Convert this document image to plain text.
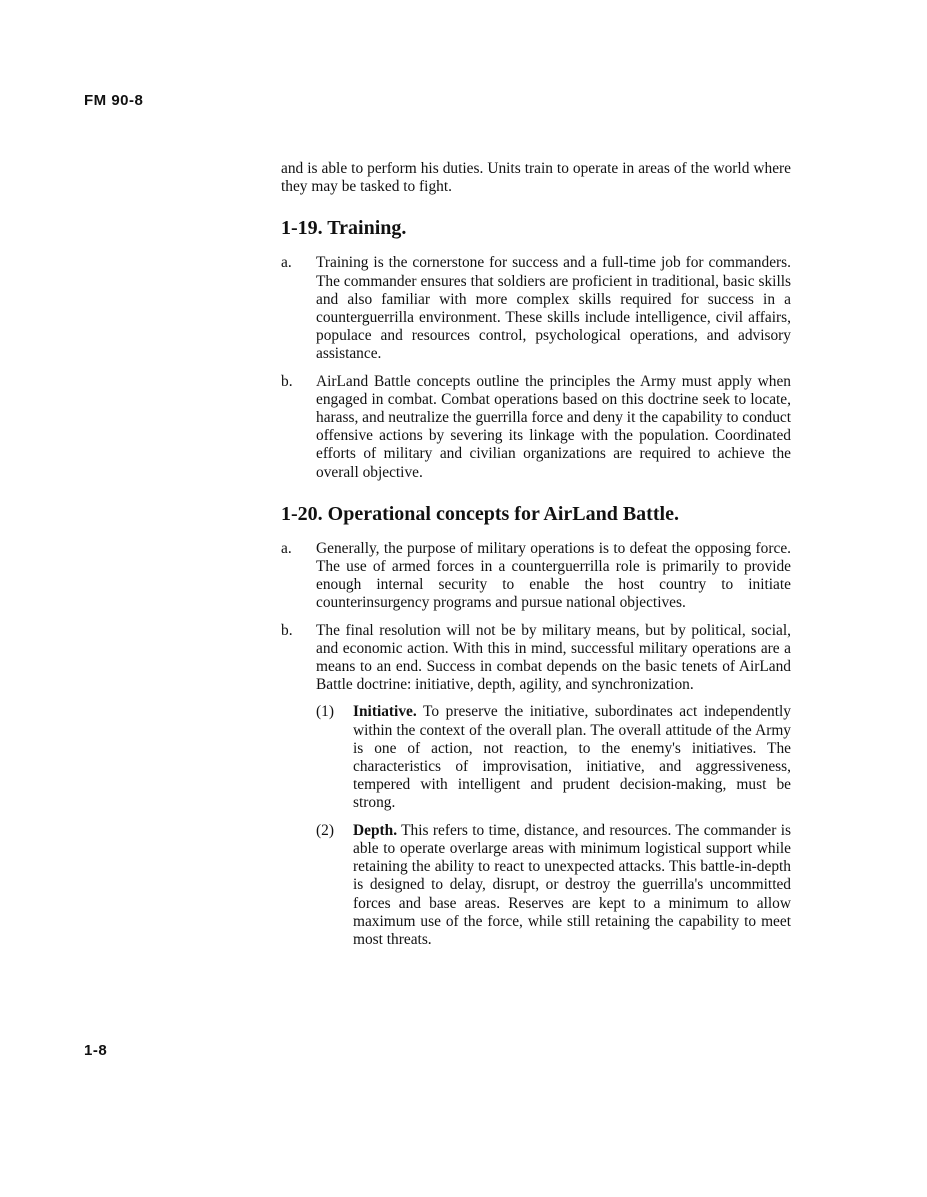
FM 90-8

and is able to perform his duties. Units train to operate in areas of the world where they may be tasked to fight.

1-19. Training.
a.	Training is the cornerstone for success and a full-time job for commanders. The commander ensures that soldiers are proficient in traditional, basic skills and also familiar with more complex skills required for success in a counterguerrilla environment. These skills include intelligence, civil affairs, populace and resources control, psychological operations, and advisory assistance.
b.	AirLand Battle concepts outline the principles the Army must apply when engaged in combat. Combat operations based on this doctrine seek to locate, harass, and neutralize the guerrilla force and deny it the capability to conduct offensive actions by severing its linkage with the population. Coordinated efforts of military and civilian organizations are required to achieve the overall objective.
1-20. Operational concepts for AirLand Battle.
a.	Generally, the purpose of military operations is to defeat the opposing force. The use of armed forces in a counterguerrilla role is primarily to provide enough internal security to enable the host country to initiate counterinsurgency programs and pursue national objectives.
b.	The final resolution will not be by military means, but by political, social, and economic action. With this in mind, successful military operations are a means to an end. Success in combat depends on the basic tenets of AirLand Battle doctrine: initiative, depth, agility, and synchronization.
(1)	Initiative. To preserve the initiative, subordinates act independently within the context of the overall plan. The overall attitude of the Army is one of action, not reaction, to the enemy's initiatives. The characteristics of improvisation, initiative, and aggressiveness, tempered with intelligent and prudent decision-making, must be strong.
(2)	Depth. This refers to time, distance, and resources. The commander is able to operate overlarge areas with minimum logistical support while retaining the ability to react to unexpected attacks. This battle-in-depth is designed to delay, disrupt, or destroy the guerrilla's uncommitted forces and base areas. Reserves are kept to a minimum to allow maximum use of the force, while still retaining the capability to meet most threats.
1-8
